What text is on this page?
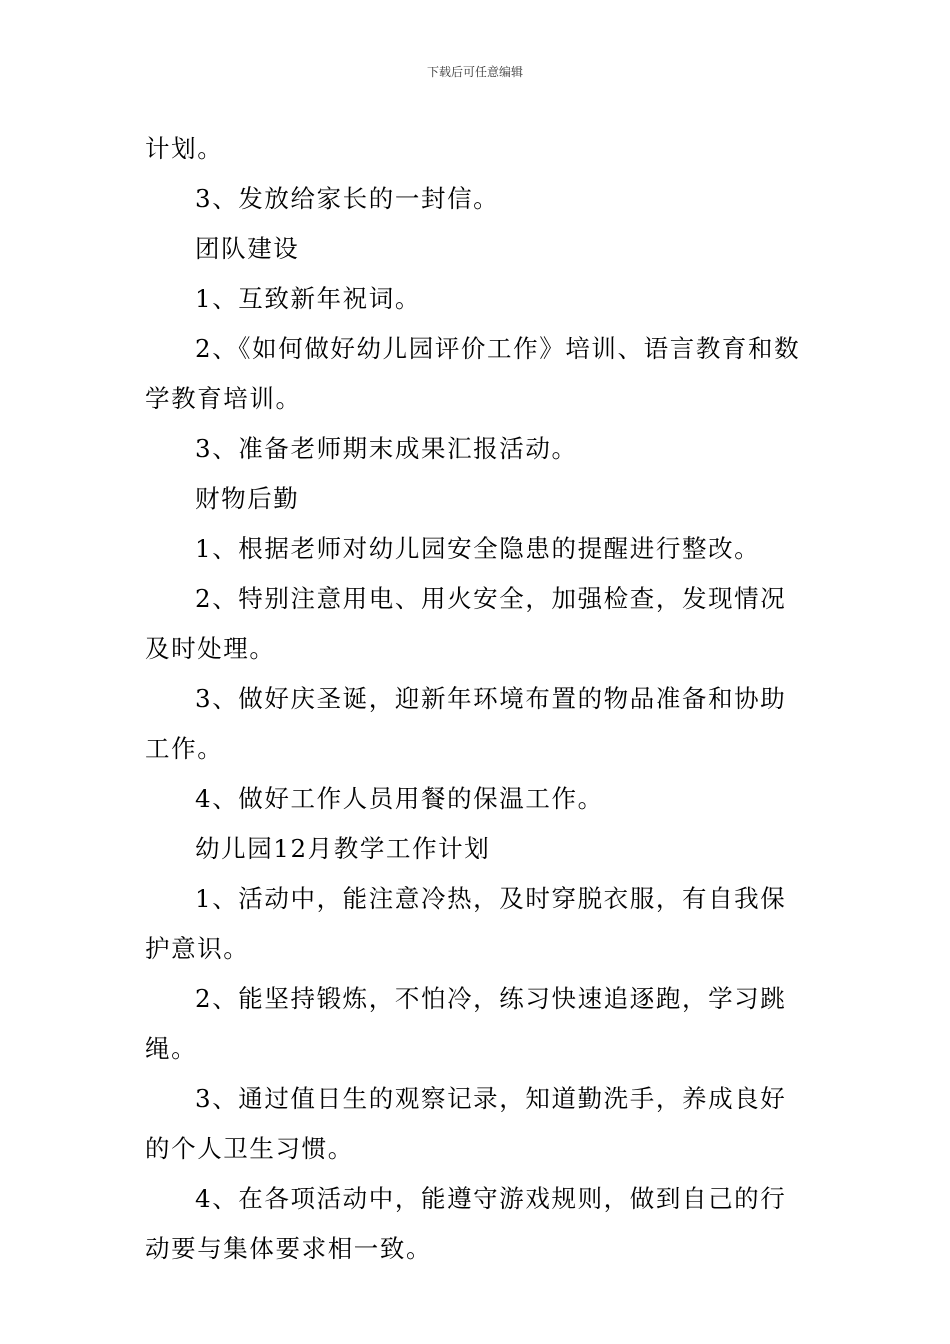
下载后可任意编辑

计划。

3、发放给家长的一封信。

团队建设

1、互致新年祝词。

2、《如何做好幼儿园评价工作》培训、语言教育和数学教育培训。

3、准备老师期末成果汇报活动。

财物后勤

1、根据老师对幼儿园安全隐患的提醒进行整改。

2、特别注意用电、用火安全，加强检查，发现情况及时处理。

3、做好庆圣诞，迎新年环境布置的物品准备和协助工作。

4、做好工作人员用餐的保温工作。

幼儿园12月教学工作计划

1、活动中，能注意冷热，及时穿脱衣服，有自我保护意识。

2、能坚持锻炼，不怕冷，练习快速追逐跑，学习跳绳。

3、通过值日生的观察记录，知道勤洗手，养成良好的个人卫生习惯。

4、在各项活动中，能遵守游戏规则，做到自己的行动要与集体要求相一致。
